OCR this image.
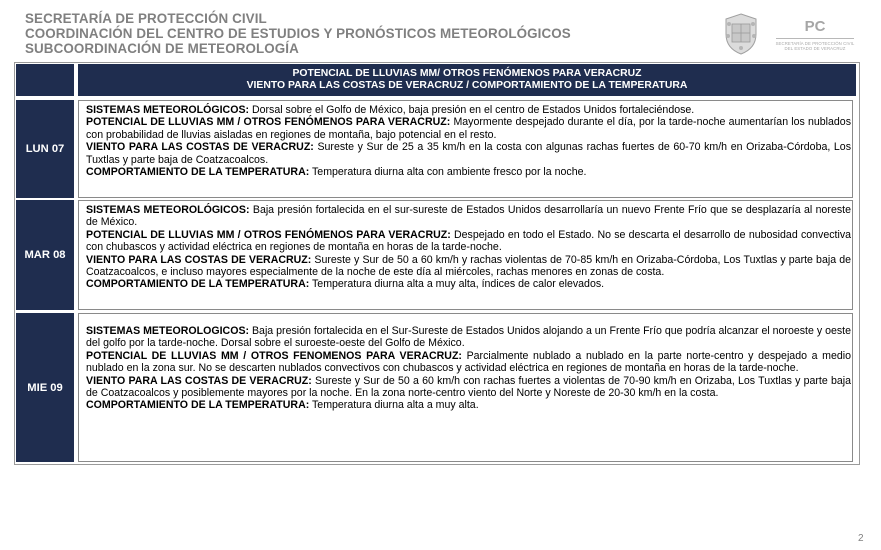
SECRETARÍA DE PROTECCIÓN CIVIL
COORDINACIÓN DEL CENTRO DE ESTUDIOS Y PRONÓSTICOS METEOROLÓGICOS
SUBCOORDINACIÓN DE METEOROLOGÍA
PC
SECRETARÍA DE PROTECCIÓN CIVIL
DEL ESTADO DE VERACRUZ
POTENCIAL DE LLUVIAS MM/ OTROS FENÓMENOS PARA VERACRUZ
VIENTO PARA LAS COSTAS DE VERACRUZ / COMPORTAMIENTO DE LA TEMPERATURA
LUN 07

SISTEMAS METEOROLÓGICOS: Dorsal sobre el Golfo de México, baja presión en el centro de Estados Unidos fortaleciéndose.

POTENCIAL DE LLUVIAS MM / OTROS FENÓMENOS PARA VERACRUZ: Mayormente despejado durante el día, por la tarde-noche aumentarían los nublados con probabilidad de lluvias aisladas en regiones de montaña, bajo potencial en el resto.

VIENTO PARA LAS COSTAS DE VERACRUZ: Sureste y Sur de 25 a 35 km/h en la costa con algunas rachas fuertes de 60-70 km/h en Orizaba-Córdoba, Los Tuxtlas y parte baja de Coatzacoalcos.

COMPORTAMIENTO DE LA TEMPERATURA: Temperatura diurna alta con ambiente fresco por la noche.

MAR 08

SISTEMAS METEOROLÓGICOS: Baja presión fortalecida en el sur-sureste de Estados Unidos desarrollaría un nuevo Frente Frío que se desplazaría al noreste de México.

POTENCIAL DE LLUVIAS MM / OTROS FENÓMENOS PARA VERACRUZ: Despejado en todo el Estado. No se descarta el desarrollo de nubosidad convectiva con chubascos y actividad eléctrica en regiones de montaña en horas de la tarde-noche.

VIENTO PARA LAS COSTAS DE VERACRUZ: Sureste y Sur de 50 a 60 km/h y rachas violentas de 70-85 km/h en Orizaba-Córdoba, Los Tuxtlas y parte baja de Coatzacoalcos, e incluso mayores especialmente de la noche de este día al miércoles, rachas menores en zonas de costa.

COMPORTAMIENTO DE LA TEMPERATURA: Temperatura diurna alta a muy alta, índices de calor elevados.

MIE 09

SISTEMAS METEOROLOGICOS: Baja presión fortalecida en el Sur-Sureste de Estados Unidos alojando a un Frente Frío que podría alcanzar el noroeste y oeste del golfo por la tarde-noche. Dorsal sobre el suroeste-oeste del Golfo de México.

POTENCIAL DE LLUVIAS MM / OTROS FENOMENOS PARA VERACRUZ: Parcialmente nublado a nublado en la parte norte-centro y despejado a medio nublado en la zona sur. No se descarten nublados convectivos con chubascos y actividad eléctrica en regiones de montaña en horas de la tarde-noche.

VIENTO PARA LAS COSTAS DE VERACRUZ: Sureste y Sur de 50 a 60 km/h con rachas fuertes a violentas de 70-90 km/h en Orizaba, Los Tuxtlas y parte baja de Coatzacoalcos y posiblemente mayores por la noche. En la zona norte-centro viento del Norte y Noreste de 20-30 km/h en la costa.

COMPORTAMIENTO DE LA TEMPERATURA: Temperatura diurna alta a muy alta.

2
